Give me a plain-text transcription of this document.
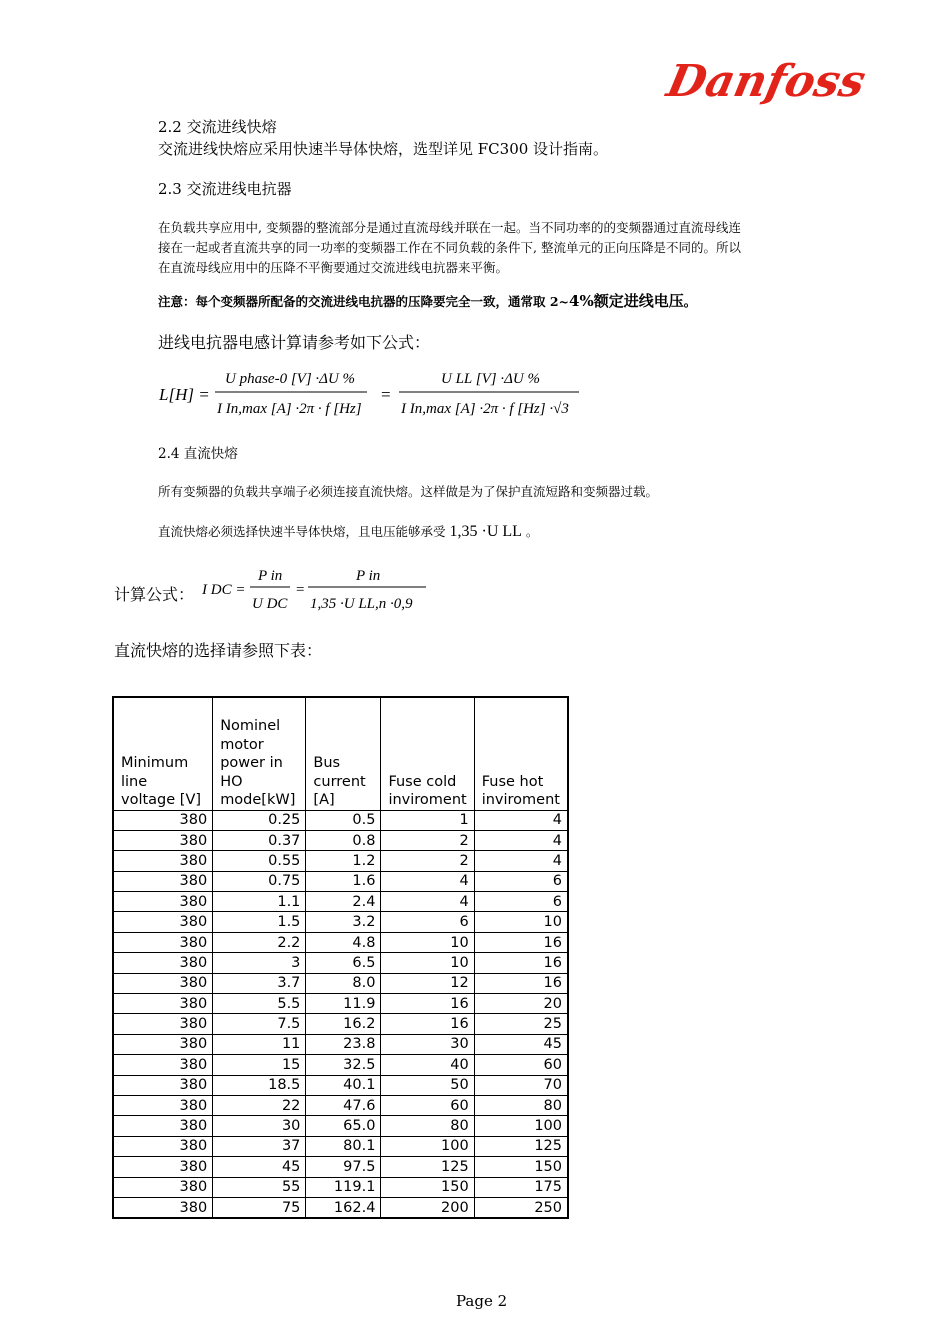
Danfoss
2.2 交流进线快熔
交流进线快熔应采用快速半导体快熔，选型详见 FC300 设计指南。
2.3 交流进线电抗器
在负载共享应用中, 变频器的整流部分是通过直流母线并联在一起。当不同功率的的变频器通过直流母线连
接在一起或者直流共享的同一功率的变频器工作在不同负载的条件下, 整流单元的正向压降是不同的。所以
在直流母线应用中的压降不平衡要通过交流进线电抗器来平衡。
注意：每个变频器所配备的交流进线电抗器的压降要完全一致，通常取 2~4%额定进线电压。
进线电抗器电感计算请参考如下公式：
L[H] =
U phase-0 [V] ·ΔU %
I In,max [A] ·2π · f [Hz]
=
U LL [V] ·ΔU %
I In,max [A] ·2π · f [Hz] ·√3
2.4 直流快熔
所有变频器的负载共享端子必须连接直流快熔。这样做是为了保护直流短路和变频器过载。
直流快熔必须选择快速半导体快熔，且电压能够承受 1,35 ·U LL 。
计算公式： I DC =
P in
U DC
=
P in
1,35 ·U LL,n ·0,9
直流快熔的选择请参照下表：
Minimum line voltage [V]	Nominel motor power in HO mode[kW]	Bus current [A]	Fuse cold inviroment	Fuse hot inviroment
380	0.25	0.5	1	4
380	0.37	0.8	2	4
380	0.55	1.2	2	4
380	0.75	1.6	4	6
380	1.1	2.4	4	6
380	1.5	3.2	6	10
380	2.2	4.8	10	16
380	3	6.5	10	16
380	3.7	8.0	12	16
380	5.5	11.9	16	20
380	7.5	16.2	16	25
380	11	23.8	30	45
380	15	32.5	40	60
380	18.5	40.1	50	70
380	22	47.6	60	80
380	30	65.0	80	100
380	37	80.1	100	125
380	45	97.5	125	150
380	55	119.1	150	175
380	75	162.4	200	250
Page 2
